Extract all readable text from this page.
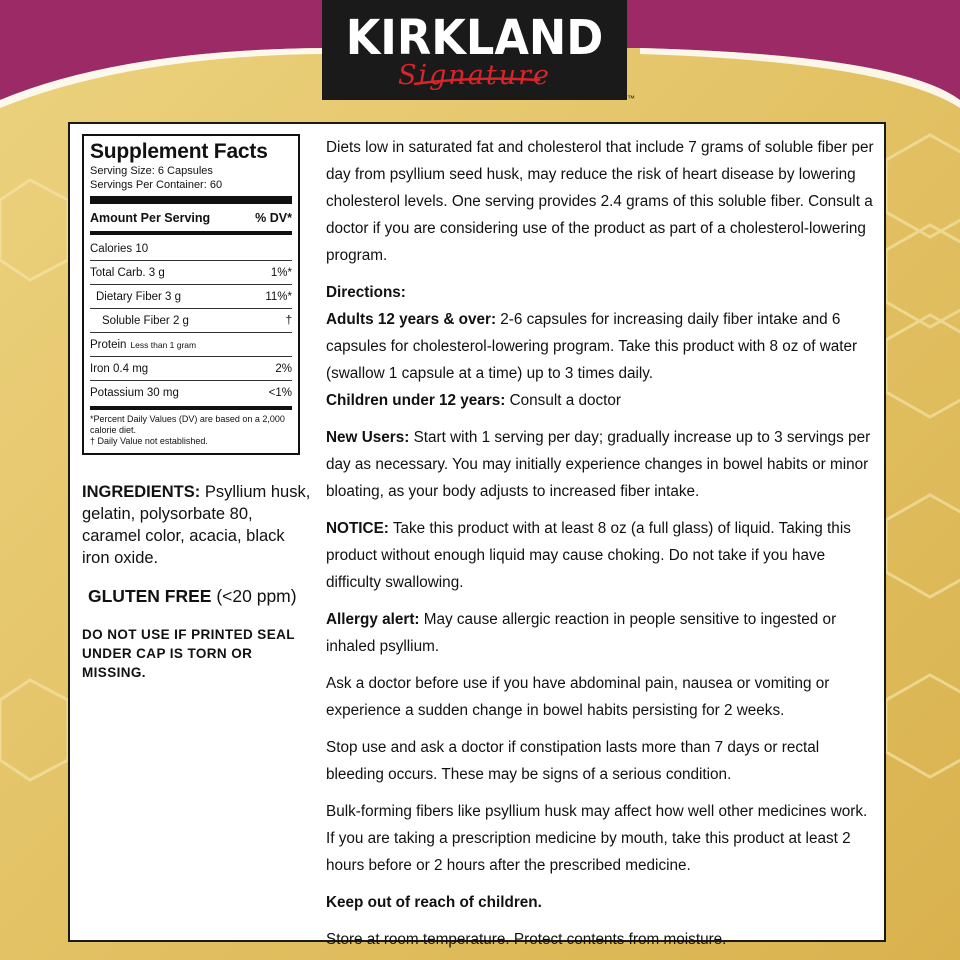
KIRKLAND
Signature
™
Supplement Facts
Serving Size: 6 Capsules
Servings Per Container: 60
Amount Per Serving	% DV*
Calories 10
Total Carb. 3 g	1%*
Dietary Fiber 3 g	11%*
Soluble Fiber 2 g	†
Protein Less than 1 gram
Iron 0.4 mg	2%
Potassium 30 mg	<1%
*Percent Daily Values (DV) are based on a 2,000 calorie diet.
† Daily Value not established.
INGREDIENTS: Psyllium husk, gelatin, polysorbate 80, caramel color, acacia, black iron oxide.
GLUTEN FREE (<20 ppm)
DO NOT USE IF PRINTED SEAL UNDER CAP IS TORN OR MISSING.

Diets low in saturated fat and cholesterol that include 7 grams of soluble fiber per day from psyllium seed husk, may reduce the risk of heart disease by lowering cholesterol levels. One serving provides 2.4 grams of this soluble fiber. Consult a doctor if you are considering use of the product as part of a cholesterol-lowering program.

Directions:

Adults 12 years & over: 2-6 capsules for increasing daily fiber intake and 6 capsules for cholesterol-lowering program. Take this product with 8 oz of water (swallow 1 capsule at a time) up to 3 times daily.

Children under 12 years: Consult a doctor

New Users: Start with 1 serving per day; gradually increase up to 3 servings per day as necessary. You may initially experience changes in bowel habits or minor bloating, as your body adjusts to increased fiber intake.

NOTICE: Take this product with at least 8 oz (a full glass) of liquid. Taking this product without enough liquid may cause choking. Do not take if you have difficulty swallowing.

Allergy alert: May cause allergic reaction in people sensitive to ingested or inhaled psyllium.

Ask a doctor before use if you have abdominal pain, nausea or vomiting or experience a sudden change in bowel habits persisting for 2 weeks.

Stop use and ask a doctor if constipation lasts more than 7 days or rectal bleeding occurs. These may be signs of a serious condition.

Bulk-forming fibers like psyllium husk may affect how well other medicines work. If you are taking a prescription medicine by mouth, take this product at least 2 hours before or 2 hours after the prescribed medicine.

Keep out of reach of children.

Store at room temperature. Protect contents from moisture.
